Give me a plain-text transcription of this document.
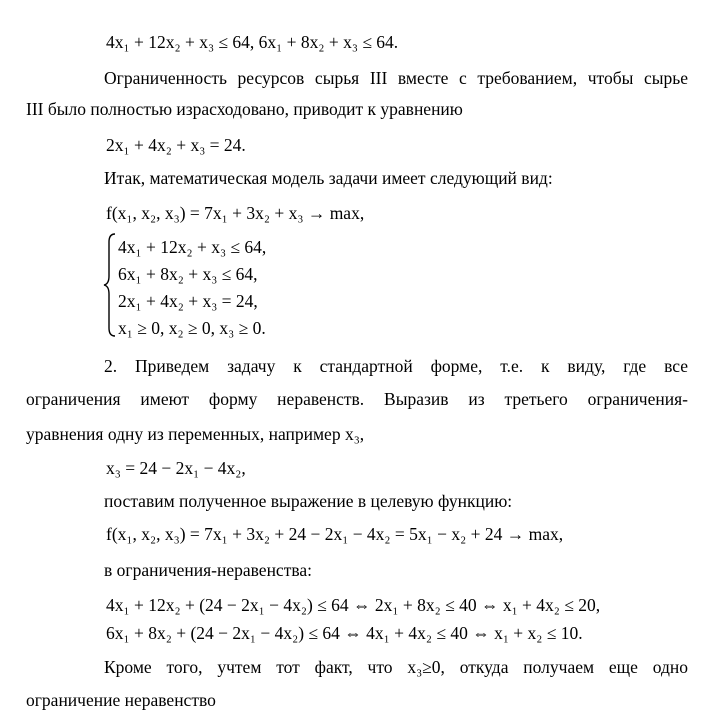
4x₁ + 12x₂ + x₃ ≤ 64, 6x₁ + 8x₂ + x₃ ≤ 64.
Ограниченность ресурсов сырья III вместе с требованием, чтобы сырье
III было полностью израсходовано, приводит к уравнению
2x₁ + 4x₂ + x₃ = 24.
Итак, математическая модель задачи имеет следующий вид:
f(x₁, x₂, x₃) = 7x₁ + 3x₂ + x₃ → max,
4x₁ + 12x₂ + x₃ ≤ 64,
6x₁ + 8x₂ + x₃ ≤ 64,
2x₁ + 4x₂ + x₃ = 24,
x₁ ≥ 0, x₂ ≥ 0, x₃ ≥ 0.
2. Приведем задачу к стандартной форме, т.е. к виду, где все
ограничения имеют форму неравенств. Выразив из третьего ограничения-
уравнения одну из переменных, например x₃,
x₃ = 24 − 2x₁ − 4x₂,
поставим полученное выражение в целевую функцию:
f(x₁, x₂, x₃) = 7x₁ + 3x₂ + 24 − 2x₁ − 4x₂ = 5x₁ − x₂ + 24 → max,
в ограничения-неравенства:
4x₁ + 12x₂ + (24 − 2x₁ − 4x₂) ≤ 64 ⇔ 2x₁ + 8x₂ ≤ 40 ⇔ x₁ + 4x₂ ≤ 20,
6x₁ + 8x₂ + (24 − 2x₁ − 4x₂) ≤ 64 ⇔ 4x₁ + 4x₂ ≤ 40 ⇔ x₁ + x₂ ≤ 10.
Кроме того, учтем тот факт, что x₃≥0, откуда получаем еще одно
ограничение неравенство
